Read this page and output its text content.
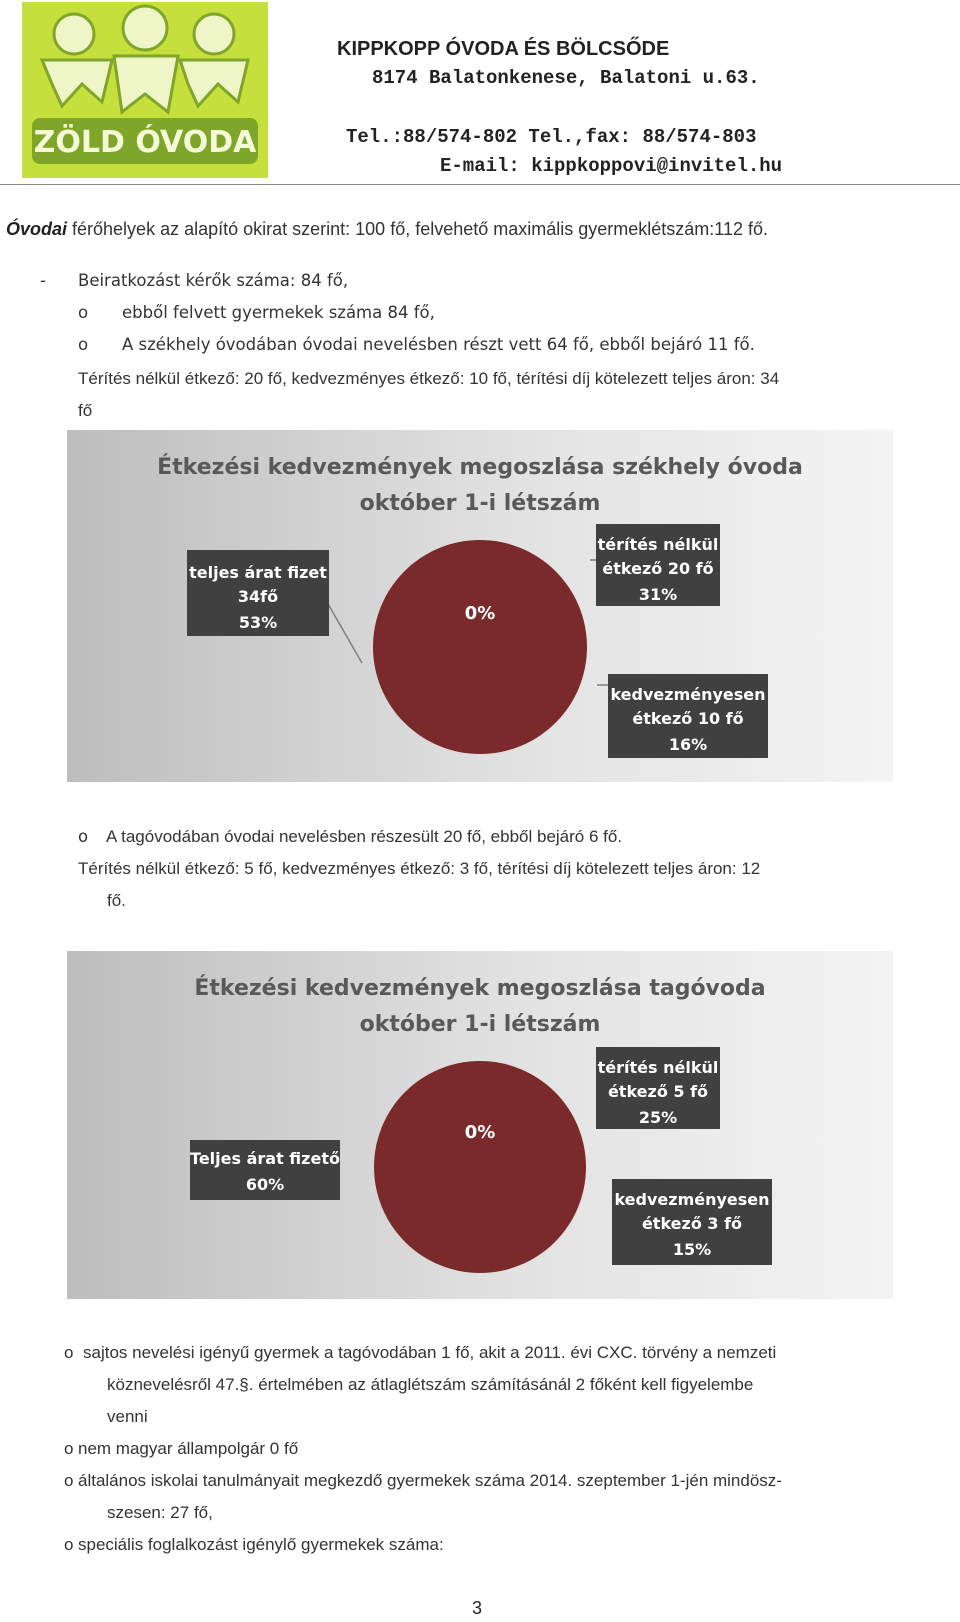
ZÖLD ÓVODA
KIPPKOPP ÓVODA ÉS BÖLCSŐDE
8174 Balatonkenese, Balatoni u.63.
Tel.:88/574-802 Tel.,fax: 88/574-803
E-mail: kippkoppovi@invitel.hu
Óvodai férőhelyek az alapító okirat szerint: 100 fő, felvehető maximális gyermeklétszám:112 fő.
- Beiratkozást kérők száma: 84 fő,
o ebből felvett gyermekek száma 84 fő,
o A székhely óvodában óvodai nevelésben részt vett 64 fő, ebből bejáró 11 fő.
Térítés nélkül étkező: 20 fő, kedvezményes étkező: 10 fő, térítési díj kötelezett teljes áron: 34
fő
Étkezési kedvezmények megoszlása székhely óvoda
október 1-i létszám
0%
teljes árat fizet
34fő
53%
térítés nélkül
étkező 20 fő
31%
kedvezményesen
étkező 10 fő
16%
o A tagóvodában óvodai nevelésben részesült 20 fő, ebből bejáró 6 fő.
Térítés nélkül étkező: 5 fő, kedvezményes étkező: 3 fő, térítési díj kötelezett teljes áron: 12
fő.
Étkezési kedvezmények megoszlása tagóvoda
október 1-i létszám
0%
Teljes árat fizető
60%
térítés nélkül
étkező 5 fő
25%
kedvezményesen
étkező 3 fő
15%
o sajtos nevelési igényű gyermek a tagóvodában 1 fő, akit a 2011. évi CXC. törvény a nemzeti
köznevelésről 47.§. értelmében az átlaglétszám számításánál 2 főként kell figyelembe
venni
o nem magyar állampolgár 0 fő
o általános iskolai tanulmányait megkezdő gyermekek száma 2014. szeptember 1-jén mindösz-
szesen: 27 fő,
o speciális foglalkozást igénylő gyermekek száma:
3
